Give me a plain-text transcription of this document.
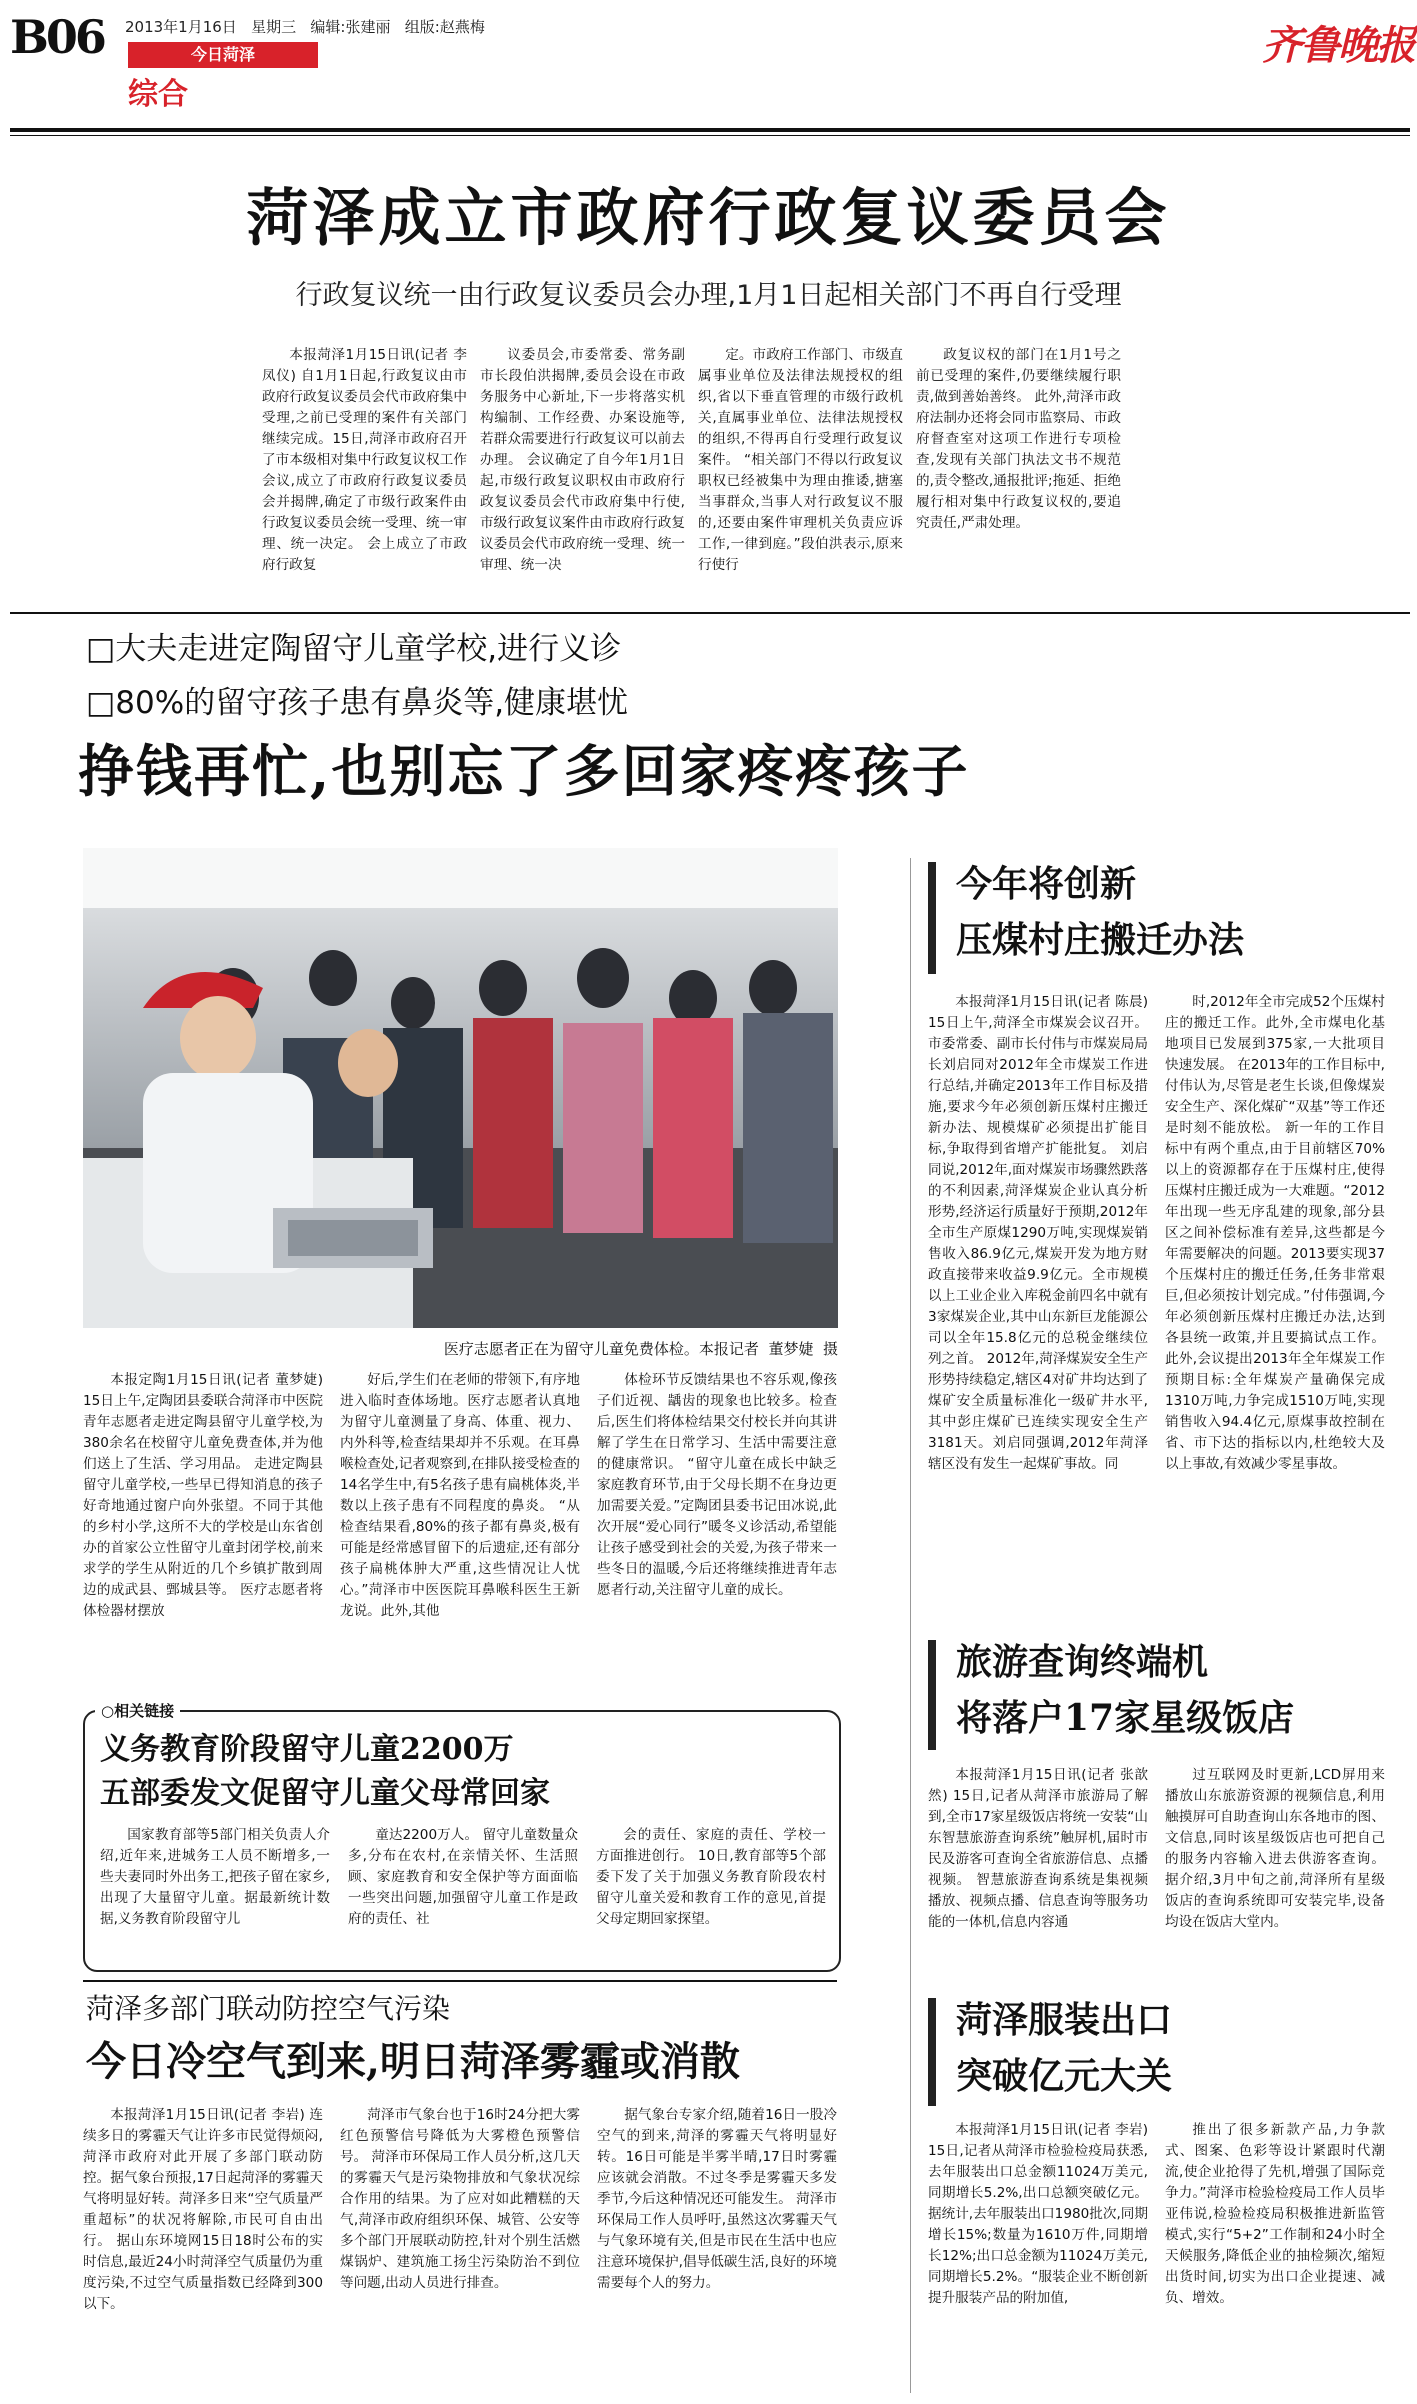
B06 2013年1月16日   星期三   编辑:张建丽   组版:赵燕梅
今日菏泽
综合
齐鲁晚报
菏泽成立市政府行政复议委员会
行政复议统一由行政复议委员会办理,1月1日起相关部门不再自行受理

本报菏泽1月15日讯(记者 李凤仪) 自1月1日起,行政复议由市政府行政复议委员会代市政府集中受理,之前已受理的案件有关部门继续完成。15日,菏泽市政府召开了市本级相对集中行政复议权工作会议,成立了市政府行政复议委员会并揭牌,确定了市级行政案件由行政复议委员会统一受理、统一审理、统一决定。 会上成立了市政府行政复

议委员会,市委常委、常务副市长段伯洪揭牌,委员会设在市政务服务中心新址,下一步将落实机构编制、工作经费、办案设施等,若群众需要进行行政复议可以前去办理。 会议确定了自今年1月1日起,市级行政复议职权由市政府行政复议委员会代市政府集中行使,市级行政复议案件由市政府行政复议委员会代市政府统一受理、统一审理、统一决

定。市政府工作部门、市级直属事业单位及法律法规授权的组织,省以下垂直管理的市级行政机关,直属事业单位、法律法规授权的组织,不得再自行受理行政复议案件。 “相关部门不得以行政复议职权已经被集中为理由推诿,搪塞当事群众,当事人对行政复议不服的,还要由案件审理机关负责应诉工作,一律到庭。”段伯洪表示,原来行使行

政复议权的部门在1月1号之前已受理的案件,仍要继续履行职责,做到善始善终。 此外,菏泽市政府法制办还将会同市监察局、市政府督查室对这项工作进行专项检查,发现有关部门执法文书不规范的,责令整改,通报批评;拖延、拒绝履行相对集中行政复议权的,要追究责任,严肃处理。

□大夫走进定陶留守儿童学校,进行义诊
□80%的留守孩子患有鼻炎等,健康堪忧
挣钱再忙,也别忘了多回家疼疼孩子
医疗志愿者正在为留守儿童免费体检。本报记者  董梦婕  摄

本报定陶1月15日讯(记者 董梦婕) 15日上午,定陶团县委联合菏泽市中医院青年志愿者走进定陶县留守儿童学校,为380余名在校留守儿童免费查体,并为他们送上了生活、学习用品。 走进定陶县留守儿童学校,一些早已得知消息的孩子好奇地通过窗户向外张望。不同于其他的乡村小学,这所不大的学校是山东省创办的首家公立性留守儿童封闭学校,前来求学的学生从附近的几个乡镇扩散到周边的成武县、鄄城县等。 医疗志愿者将体检器材摆放

好后,学生们在老师的带领下,有序地进入临时查体场地。医疗志愿者认真地为留守儿童测量了身高、体重、视力、内外科等,检查结果却并不乐观。在耳鼻喉检查处,记者观察到,在排队接受检查的14名学生中,有5名孩子患有扁桃体炎,半数以上孩子患有不同程度的鼻炎。 “从检查结果看,80%的孩子都有鼻炎,极有可能是经常感冒留下的后遗症,还有部分孩子扁桃体肿大严重,这些情况让人忧心。”菏泽市中医医院耳鼻喉科医生王新龙说。此外,其他

体检环节反馈结果也不容乐观,像孩子们近视、龋齿的现象也比较多。检查后,医生们将体检结果交付校长并向其讲解了学生在日常学习、生活中需要注意的健康常识。 “留守儿童在成长中缺乏家庭教育环节,由于父母长期不在身边更加需要关爱。”定陶团县委书记田冰说,此次开展“爱心同行”暖冬义诊活动,希望能让孩子感受到社会的关爱,为孩子带来一些冬日的温暖,今后还将继续推进青年志愿者行动,关注留守儿童的成长。

○相关链接
义务教育阶段留守儿童2200万
五部委发文促留守儿童父母常回家

国家教育部等5部门相关负责人介绍,近年来,进城务工人员不断增多,一些夫妻同时外出务工,把孩子留在家乡,出现了大量留守儿童。据最新统计数据,义务教育阶段留守儿

童达2200万人。 留守儿童数量众多,分布在农村,在亲情关怀、生活照顾、家庭教育和安全保护等方面面临一些突出问题,加强留守儿童工作是政府的责任、社

会的责任、家庭的责任、学校一方面推进创行。 10日,教育部等5个部委下发了关于加强义务教育阶段农村留守儿童关爱和教育工作的意见,首提父母定期回家探望。

菏泽多部门联动防控空气污染
今日冷空气到来,明日菏泽雾霾或消散

本报菏泽1月15日讯(记者 李岩) 连续多日的雾霾天气让许多市民觉得烦闷,菏泽市政府对此开展了多部门联动防控。据气象台预报,17日起菏泽的雾霾天气将明显好转。菏泽多日来“空气质量严重超标”的状况将解除,市民可自由出行。 据山东环境网15日18时公布的实时信息,最近24小时菏泽空气质量仍为重度污染,不过空气质量指数已经降到300以下。

菏泽市气象台也于16时24分把大雾红色预警信号降低为大雾橙色预警信号。 菏泽市环保局工作人员分析,这几天的雾霾天气是污染物排放和气象状况综合作用的结果。为了应对如此糟糕的天气,菏泽市政府组织环保、城管、公安等多个部门开展联动防控,针对个别生活燃煤锅炉、建筑施工扬尘污染防治不到位等问题,出动人员进行排查。

据气象台专家介绍,随着16日一股冷空气的到来,菏泽的雾霾天气将明显好转。16日可能是半雾半晴,17日时雾霾应该就会消散。不过冬季是雾霾天多发季节,今后这种情况还可能发生。 菏泽市环保局工作人员呼吁,虽然这次雾霾天气与气象环境有关,但是市民在生活中也应注意环境保护,倡导低碳生活,良好的环境需要每个人的努力。

今年将创新
压煤村庄搬迁办法

本报菏泽1月15日讯(记者 陈晨) 15日上午,菏泽全市煤炭会议召开。市委常委、副市长付伟与市煤炭局局长刘启同对2012年全市煤炭工作进行总结,并确定2013年工作目标及措施,要求今年必须创新压煤村庄搬迁新办法、规模煤矿必须提出扩能目标,争取得到省增产扩能批复。 刘启同说,2012年,面对煤炭市场骤然跌落的不利因素,菏泽煤炭企业认真分析形势,经济运行质量好于预期,2012年全市生产原煤1290万吨,实现煤炭销售收入86.9亿元,煤炭开发为地方财政直接带来收益9.9亿元。全市规模以上工业企业入库税金前四名中就有3家煤炭企业,其中山东新巨龙能源公司以全年15.8亿元的总税金继续位列之首。 2012年,菏泽煤炭安全生产形势持续稳定,辖区4对矿井均达到了煤矿安全质量标准化一级矿井水平,其中彭庄煤矿已连续实现安全生产3181天。刘启同强调,2012年菏泽辖区没有发生一起煤矿事故。同

时,2012年全市完成52个压煤村庄的搬迁工作。此外,全市煤电化基地项目已发展到375家,一大批项目快速发展。 在2013年的工作目标中,付伟认为,尽管是老生长谈,但像煤炭安全生产、深化煤矿“双基”等工作还是时刻不能放松。 新一年的工作目标中有两个重点,由于目前辖区70%以上的资源都存在于压煤村庄,使得压煤村庄搬迁成为一大难题。“2012年出现一些无序乱建的现象,部分县区之间补偿标准有差异,这些都是今年需要解决的问题。2013要实现37个压煤村庄的搬迁任务,任务非常艰巨,但必须按计划完成。”付伟强调,今年必须创新压煤村庄搬迁办法,达到各县统一政策,并且要搞试点工作。 此外,会议提出2013年全年煤炭工作预期目标:全年煤炭产量确保完成1310万吨,力争完成1510万吨,实现销售收入94.4亿元,原煤事故控制在省、市下达的指标以内,杜绝较大及以上事故,有效减少零星事故。

旅游查询终端机
将落户17家星级饭店

本报菏泽1月15日讯(记者 张歆然) 15日,记者从菏泽市旅游局了解到,全市17家星级饭店将统一安装“山东智慧旅游查询系统”触屏机,届时市民及游客可查询全省旅游信息、点播视频。 智慧旅游查询系统是集视频播放、视频点播、信息查询等服务功能的一体机,信息内容通

过互联网及时更新,LCD屏用来播放山东旅游资源的视频信息,利用触摸屏可自助查询山东各地市的图、文信息,同时该星级饭店也可把自己的服务内容输入进去供游客查询。 据介绍,3月中旬之前,菏泽所有星级饭店的查询系统即可安装完毕,设备均设在饭店大堂内。

菏泽服装出口
突破亿元大关

本报菏泽1月15日讯(记者 李岩) 15日,记者从菏泽市检验检疫局获悉,去年服装出口总金额11024万美元,同期增长5.2%,出口总额突破亿元。 据统计,去年服装出口1980批次,同期增长15%;数量为1610万件,同期增长12%;出口总金额为11024万美元,同期增长5.2%。“服装企业不断创新提升服装产品的附加值,

推出了很多新款产品,力争款式、图案、色彩等设计紧跟时代潮流,使企业抢得了先机,增强了国际竞争力。”菏泽市检验检疫局工作人员毕亚伟说,检验检疫局积极推进新监管模式,实行“5+2”工作制和24小时全天候服务,降低企业的抽检频次,缩短出货时间,切实为出口企业提速、减负、增效。
